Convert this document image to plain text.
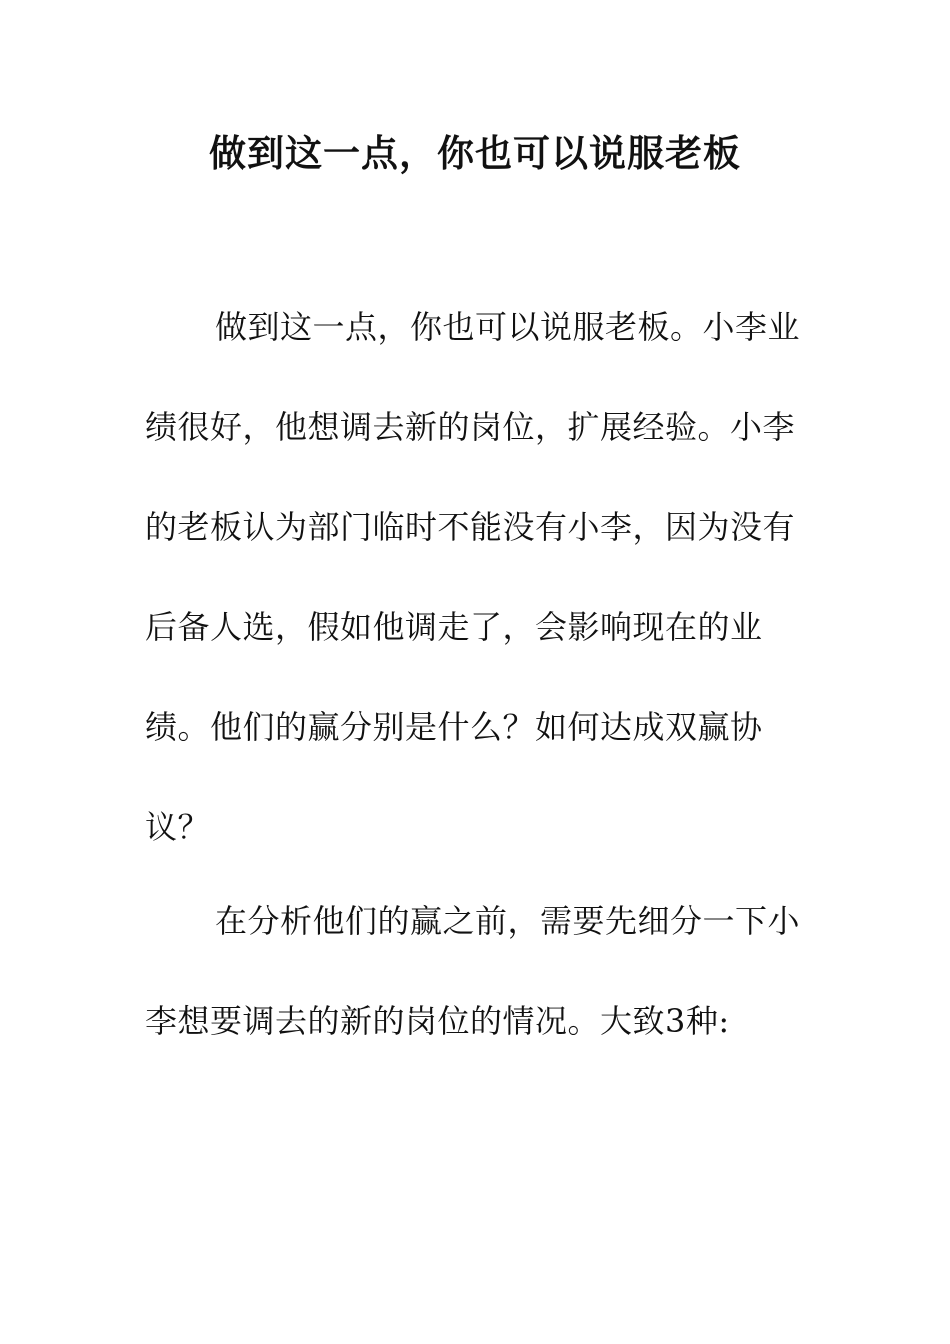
做到这一点，你也可以说服老板

做到这一点，你也可以说服老板。小李业绩很好，他想调去新的岗位，扩展经验。小李的老板认为部门临时不能没有小李，因为没有后备人选，假如他调走了，会影响现在的业绩。他们的赢分别是什么？如何达成双赢协议？

在分析他们的赢之前，需要先细分一下小李想要调去的新的岗位的情况。大致3种:
